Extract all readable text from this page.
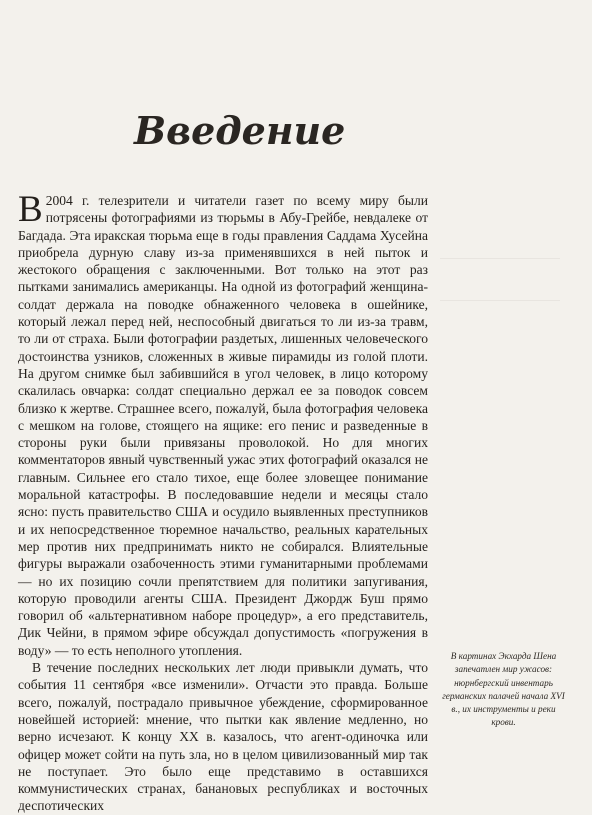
Введение

В 2004 г. телезрители и читатели газет по всему миру были потрясены фотографиями из тюрьмы в Абу-Грейбе, невдалеке от Багдада. Эта иракская тюрьма еще в годы правления Саддама Хусейна приобрела дурную славу из-за применявшихся в ней пыток и жестокого обращения с заключенными. Вот только на этот раз пытками занимались американцы. На одной из фотографий женщина-солдат держала на поводке обнаженного человека в ошейнике, который лежал перед ней, неспособный двигаться то ли из-за травм, то ли от страха. Были фотографии раздетых, лишенных человеческого достоинства узников, сложенных в живые пирамиды из голой плоти. На другом снимке был забившийся в угол человек, в лицо которому скалилась овчарка: солдат специально держал ее за поводок совсем близко к жертве. Страшнее всего, пожалуй, была фотография человека с мешком на голове, стоящего на ящике: его пенис и разведенные в стороны руки были привязаны проволокой. Но для многих комментаторов явный чувственный ужас этих фотографий оказался не главным. Сильнее его стало тихое, еще более зловещее понимание моральной катастрофы. В последовавшие недели и месяцы стало ясно: пусть правительство США и осудило выявленных преступников и их непосредственное тюремное начальство, реальных карательных мер против них предпринимать никто не собирался. Влиятельные фигуры выражали озабоченность этими гуманитарными проблемами — но их позицию сочли препятствием для политики запугивания, которую проводили агенты США. Президент Джордж Буш прямо говорил об «альтернативном наборе процедур», а его представитель, Дик Чейни, в прямом эфире обсуждал допустимость «погружения в воду» — то есть неполного утопления.

В течение последних нескольких лет люди привыкли думать, что события 11 сентября «все изменили». Отчасти это правда. Больше всего, пожалуй, пострадало привычное убеждение, сформированное новейшей историей: мнение, что пытки как явление медленно, но верно исчезают. К концу XX в. казалось, что агент-одиночка или офицер может сойти на путь зла, но в целом цивилизованный мир так не поступает. Это было еще представимо в оставшихся коммунистических странах, банановых республиках и восточных деспотических

В картинах Экхарда Шена запечатлен мир ужасов: нюрнбергский инвентарь германских палачей начала XVI в., их инструменты и реки крови.
